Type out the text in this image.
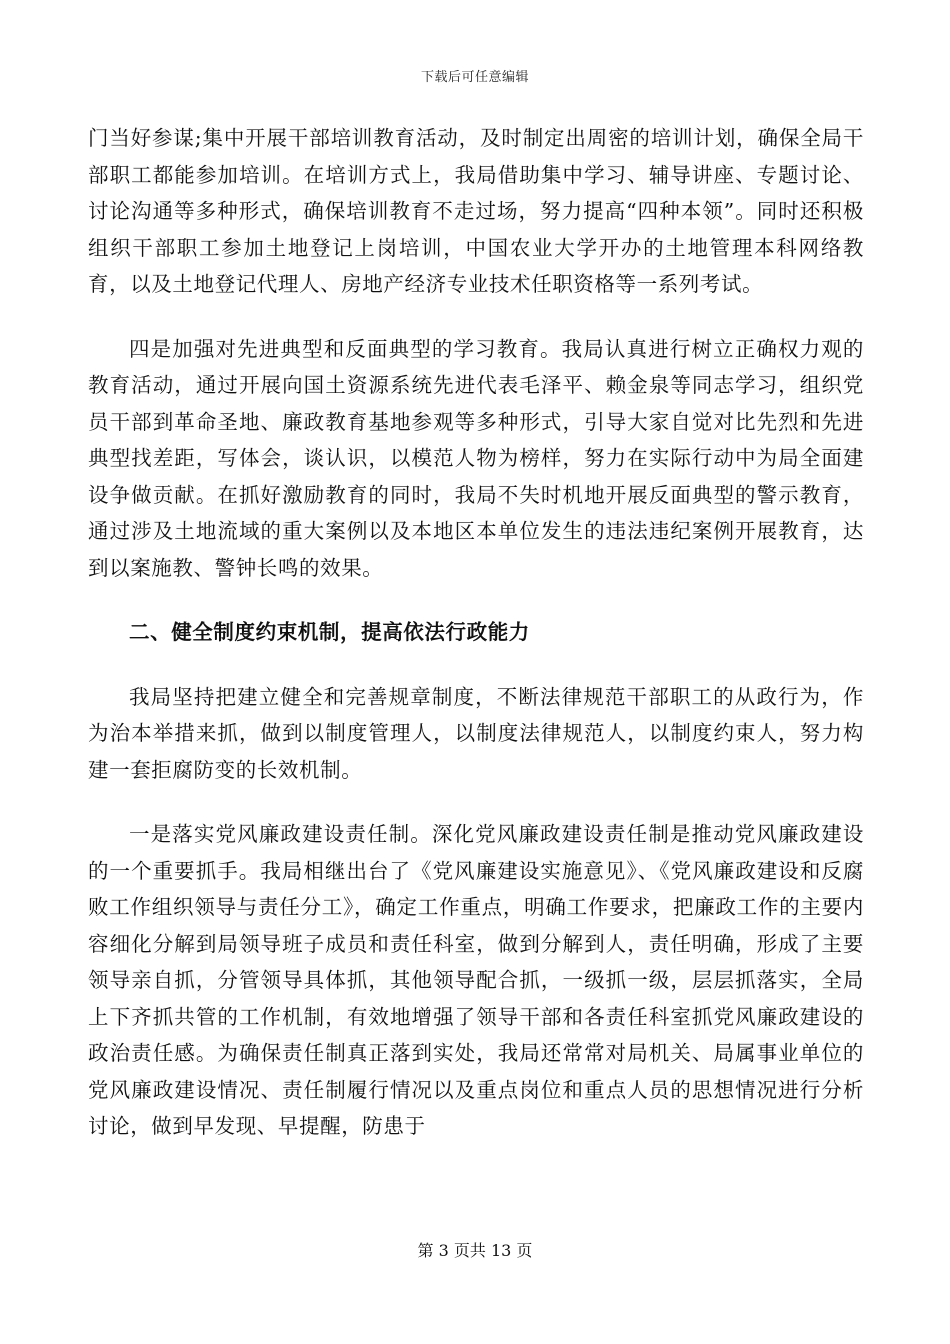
下载后可任意编辑

门当好参谋;集中开展干部培训教育活动，及时制定出周密的培训计划，确保全局干部职工都能参加培训。在培训方式上，我局借助集中学习、辅导讲座、专题讨论、讨论沟通等多种形式，确保培训教育不走过场，努力提高“四种本领”。同时还积极组织干部职工参加土地登记上岗培训，中国农业大学开办的土地管理本科网络教育，以及土地登记代理人、房地产经济专业技术任职资格等一系列考试。

四是加强对先进典型和反面典型的学习教育。我局认真进行树立正确权力观的教育活动，通过开展向国土资源系统先进代表毛泽平、赖金泉等同志学习，组织党员干部到革命圣地、廉政教育基地参观等多种形式，引导大家自觉对比先烈和先进典型找差距，写体会，谈认识，以模范人物为榜样，努力在实际行动中为局全面建设争做贡献。在抓好激励教育的同时，我局不失时机地开展反面典型的警示教育，通过涉及土地流域的重大案例以及本地区本单位发生的违法违纪案例开展教育，达到以案施教、警钟长鸣的效果。

二、健全制度约束机制，提高依法行政能力

我局坚持把建立健全和完善规章制度，不断法律规范干部职工的从政行为，作为治本举措来抓，做到以制度管理人，以制度法律规范人，以制度约束人，努力构建一套拒腐防变的长效机制。

一是落实党风廉政建设责任制。深化党风廉政建设责任制是推动党风廉政建设的一个重要抓手。我局相继出台了《党风廉建设实施意见》、《党风廉政建设和反腐败工作组织领导与责任分工》，确定工作重点，明确工作要求，把廉政工作的主要内容细化分解到局领导班子成员和责任科室，做到分解到人，责任明确，形成了主要领导亲自抓，分管领导具体抓，其他领导配合抓，一级抓一级，层层抓落实，全局上下齐抓共管的工作机制，有效地增强了领导干部和各责任科室抓党风廉政建设的政治责任感。为确保责任制真正落到实处，我局还常常对局机关、局属事业单位的党风廉政建设情况、责任制履行情况以及重点岗位和重点人员的思想情况进行分析讨论，做到早发现、早提醒，防患于

第 3 页共 13 页
